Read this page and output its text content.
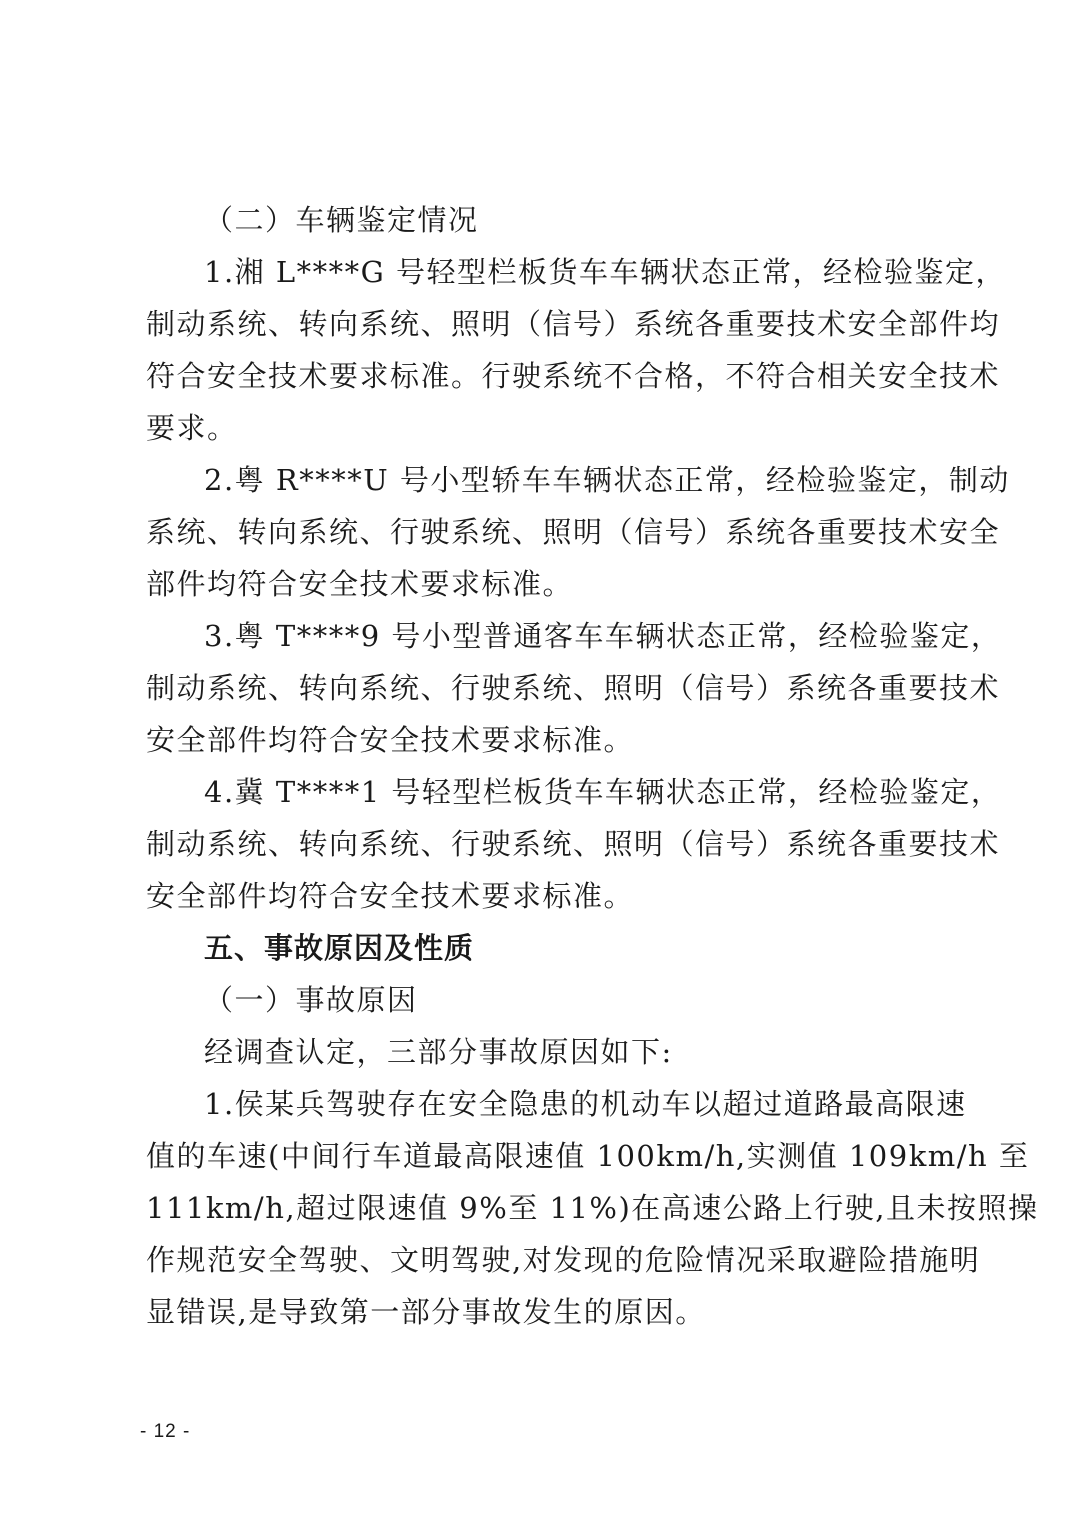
（二）车辆鉴定情况
1.湘 L****G 号轻型栏板货车车辆状态正常，经检验鉴定，
制动系统、转向系统、照明（信号）系统各重要技术安全部件均
符合安全技术要求标准。行驶系统不合格，不符合相关安全技术
要求。
2.粤 R****U 号小型轿车车辆状态正常，经检验鉴定，制动
系统、转向系统、行驶系统、照明（信号）系统各重要技术安全
部件均符合安全技术要求标准。
3.粤 T****9 号小型普通客车车辆状态正常，经检验鉴定，
制动系统、转向系统、行驶系统、照明（信号）系统各重要技术
安全部件均符合安全技术要求标准。
4.冀 T****1 号轻型栏板货车车辆状态正常，经检验鉴定，
制动系统、转向系统、行驶系统、照明（信号）系统各重要技术
安全部件均符合安全技术要求标准。
五、事故原因及性质
（一）事故原因
经调查认定，三部分事故原因如下:
1.侯某兵驾驶存在安全隐患的机动车以超过道路最高限速
值的车速(中间行车道最高限速值 100km/h,实测值 109km/h 至
111km/h,超过限速值 9%至 11%)在高速公路上行驶,且未按照操
作规范安全驾驶、文明驾驶,对发现的危险情况采取避险措施明
显错误,是导致第一部分事故发生的原因。
- 12 -
